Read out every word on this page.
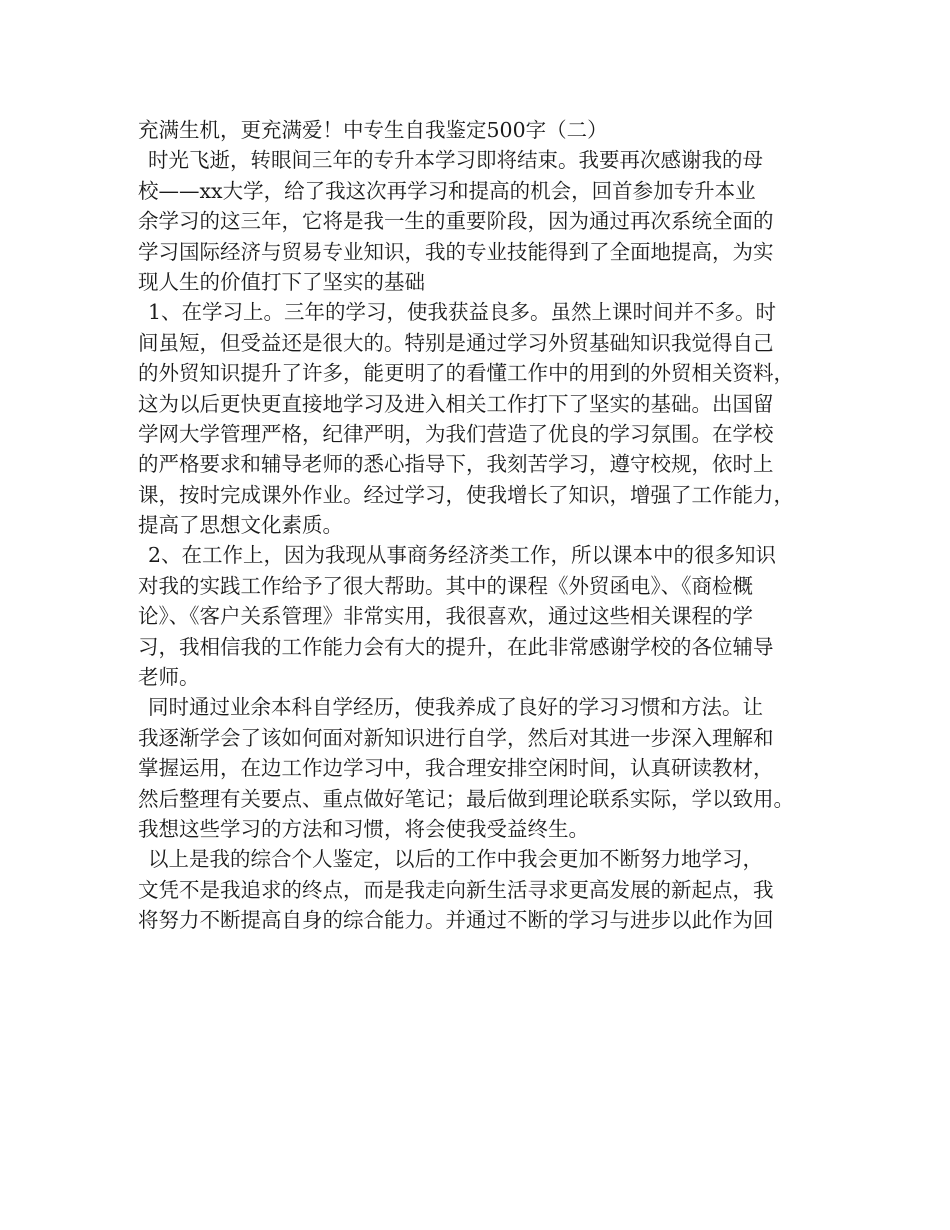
充满生机，更充满爱！中专生自我鉴定500字（二）
时光飞逝，转眼间三年的专升本学习即将结束。我要再次感谢我的母
校——xx大学，给了我这次再学习和提高的机会，回首参加专升本业
余学习的这三年，它将是我一生的重要阶段，因为通过再次系统全面的
学习国际经济与贸易专业知识，我的专业技能得到了全面地提高，为实
现人生的价值打下了坚实的基础
1、在学习上。三年的学习，使我获益良多。虽然上课时间并不多。时
间虽短，但受益还是很大的。特别是通过学习外贸基础知识我觉得自己
的外贸知识提升了许多，能更明了的看懂工作中的用到的外贸相关资料，
这为以后更快更直接地学习及进入相关工作打下了坚实的基础。出国留
学网大学管理严格，纪律严明，为我们营造了优良的学习氛围。在学校
的严格要求和辅导老师的悉心指导下，我刻苦学习，遵守校规，依时上
课，按时完成课外作业。经过学习，使我增长了知识，增强了工作能力，
提高了思想文化素质。
2、在工作上，因为我现从事商务经济类工作，所以课本中的很多知识
对我的实践工作给予了很大帮助。其中的课程《外贸函电》、《商检概
论》、《客户关系管理》非常实用，我很喜欢，通过这些相关课程的学
习，我相信我的工作能力会有大的提升，在此非常感谢学校的各位辅导
老师。
同时通过业余本科自学经历，使我养成了良好的学习习惯和方法。让
我逐渐学会了该如何面对新知识进行自学，然后对其进一步深入理解和
掌握运用，在边工作边学习中，我合理安排空闲时间，认真研读教材，
然后整理有关要点、重点做好笔记；最后做到理论联系实际，学以致用。
我想这些学习的方法和习惯，将会使我受益终生。
以上是我的综合个人鉴定，以后的工作中我会更加不断努力地学习，
文凭不是我追求的终点，而是我走向新生活寻求更高发展的新起点，我
将努力不断提高自身的综合能力。并通过不断的学习与进步以此作为回
